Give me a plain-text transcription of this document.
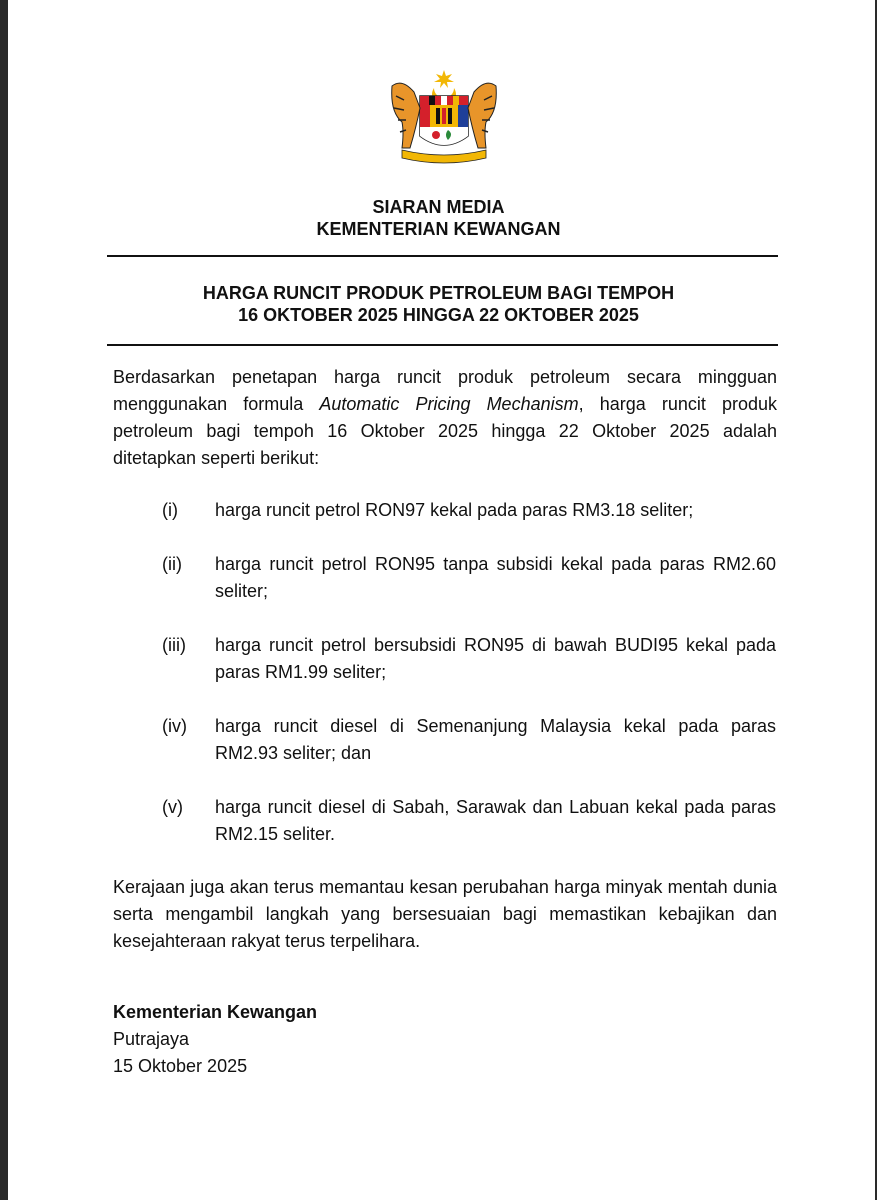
SIARAN MEDIA
KEMENTERIAN KEWANGAN
HARGA RUNCIT PRODUK PETROLEUM BAGI TEMPOH
16 OKTOBER 2025 HINGGA 22 OKTOBER 2025
Berdasarkan penetapan harga runcit produk petroleum secara mingguan menggunakan formula Automatic Pricing Mechanism, harga runcit produk petroleum bagi tempoh 16 Oktober 2025 hingga 22 Oktober 2025 adalah ditetapkan seperti berikut:
(i)	harga runcit petrol RON97 kekal pada paras RM3.18 seliter;
(ii)	harga runcit petrol RON95 tanpa subsidi kekal pada paras RM2.60 seliter;
(iii)	harga runcit petrol bersubsidi RON95 di bawah BUDI95 kekal pada paras RM1.99 seliter;
(iv)	harga runcit diesel di Semenanjung Malaysia kekal pada paras RM2.93 seliter; dan
(v)	harga runcit diesel di Sabah, Sarawak dan Labuan kekal pada paras RM2.15 seliter.
Kerajaan juga akan terus memantau kesan perubahan harga minyak mentah dunia serta mengambil langkah yang bersesuaian bagi memastikan kebajikan dan kesejahteraan rakyat terus terpelihara.
Kementerian Kewangan
Putrajaya
15 Oktober 2025
